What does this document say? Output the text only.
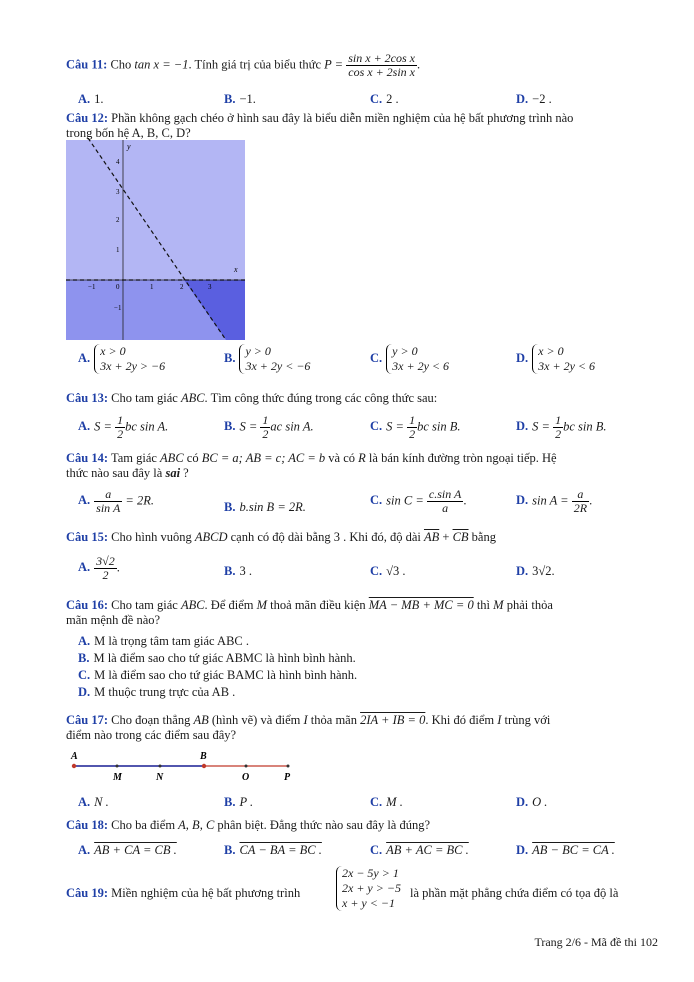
Câu 11: Cho tan x = −1. Tính giá trị của biểu thức $P = \frac{\text{sin x + 2cos x}}{\text{cos x + 2sin x}}$ .
A. 1.	B. −1.	C. 2 .	D. −2 .
Câu 12: Phần không gạch chéo ở hình sau đây là biểu diễn miền nghiệm của hệ bất phương trình nào
trong bốn hệ A, B, C, D?
y
x
4
3
2
1
−1
−1	0	1	2	3
A. x > 0
3x + 2y > −6
B. y > 0
3x + 2y < −6
C. y > 0
3x + 2y < 6
D. x > 0
3x + 2y < 6
Câu 13: Cho tam giác ABC. Tìm công thức đúng trong các công thức sau:
A. $S = \frac{1}{2}$ bc sin A.	B. $S = \frac{1}{2}$ ac sin A.	C. $S = \frac{1}{2}$ bc sin B.	D. $S = \frac{1}{2}$ bc sin B.
Câu 14: Tam giác ABC có BC = a; AB = c; AC = b và có R là bán kính đường tròn ngoại tiếp. Hệ
thức nào sau đây là sai ?
A. $\frac{a}{\text{sin A}} = 2R$.	B. b.sin B = 2R.	C. $\sin C = \frac{\text{c.sin A}}{a}$ .	D. $\sin A = \frac{a}{2R}$ .
Câu 15: Cho hình vuông ABCD cạnh có độ dài bằng 3 . Khi đó, độ dài $\overline{AB} + \overline{CB}$ bằng
A. $\frac{3√2}{2}$ .	B. 3 .	C. √3 .	D. 3√2.
Câu 16: Cho tam giác ABC. Để điểm M thoả mãn điều kiện MA − MB + MC = 0 thì M phải thỏa
mãn mệnh đề nào?
A. M là trọng tâm tam giác ABC .
B. M là điểm sao cho tứ giác ABMC là hình bình hành.
C. M là điểm sao cho tứ giác BAMC là hình bình hành.
D. M thuộc trung trực của AB .
Câu 17: Cho đoạn thẳng AB (hình vẽ) và điểm I thỏa mãn 2IA + IB = 0. Khi đó điểm I trùng với
điểm nào trong các điểm sau đây?
A	B
M	N	O	P
A. N .	B. P .	C. M .	D. O .
Câu 18: Cho ba điểm A, B, C phân biệt. Đẳng thức nào sau đây là đúng?
A. AB + CA = CB .	B. CA − BA = BC .	C. AB + AC = BC .	D. AB − BC = CA .
Câu 19: Miền nghiệm của hệ bất phương trình
2x − 5y > 1
2x + y > −5
x + y < −1
là phần mặt phẳng chứa điểm có tọa độ là
Trang 2/6 - Mã đề thi 102
